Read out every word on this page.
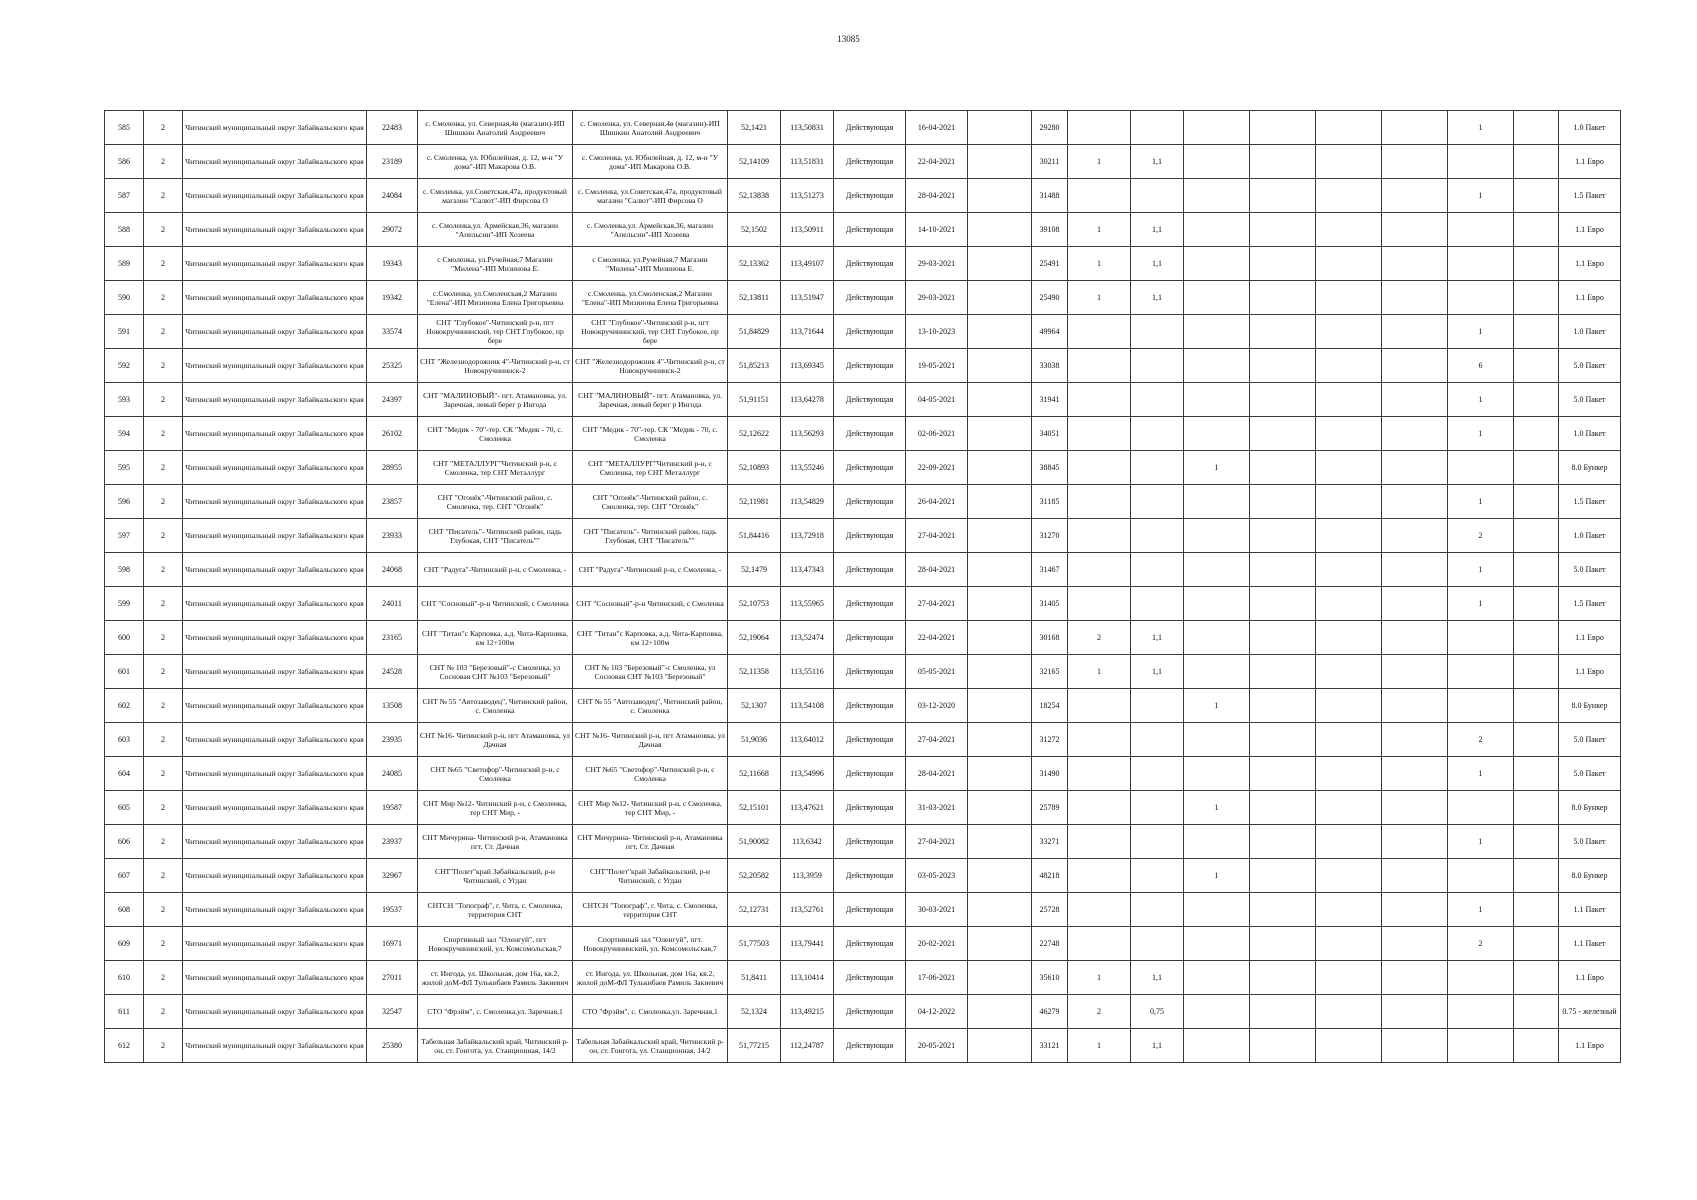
13085
585	2	Читинский муниципальный округ Забайкальского края	22483	с. Смоленка, ул. Северная,4в (магазин)-ИП Шишкин Анатолий Андреевич	с. Смоленка, ул. Северная,4в (магазин)-ИП Шишкин Анатолий Андреевич	52,1421	113,50831	Действующая	16-04-2021		29280							1		1.0 Пакет
586	2	Читинский муниципальный округ Забайкальского края	23189	с. Смоленка, ул. Юбилейная, д. 12, м-н "У дома"-ИП Макарова О.В.	с. Смоленка, ул. Юбилейная, д. 12, м-н "У дома"-ИП Макарова О.В.	52,14109	113,51831	Действующая	22-04-2021		30211	1	1,1							1.1 Евро
587	2	Читинский муниципальный округ Забайкальского края	24084	с. Смоленка, ул.Советская,47а, продуктовый магазин "Салют"-ИП Фирсова О	с. Смоленка, ул.Советская,47а, продуктовый магазин "Салют"-ИП Фирсова О	52,13838	113,51273	Действующая	28-04-2021		31488							1		1.5 Пакет
588	2	Читинский муниципальный округ Забайкальского края	29072	с. Смоленка,ул. Армейская,36, магазин "Апельсин"-ИП Хозеева	с. Смоленка,ул. Армейская,36, магазин "Апельсин"-ИП Хозеева	52,1502	113,50911	Действующая	14-10-2021		39108	1	1,1							1.1 Евро
589	2	Читинский муниципальный округ Забайкальского края	19343	с Смоленка, ул.Ручейная,7 Магазин "Милена"-ИП Мизинова Е.	с Смоленка, ул.Ручейная,7 Магазин "Милена"-ИП Мизинова Е.	52,13362	113,49107	Действующая	29-03-2021		25491	1	1,1							1.1 Евро
590	2	Читинский муниципальный округ Забайкальского края	19342	с.Смоленка, ул.Смоленская,2 Магазин "Елена"-ИП Мизинова Елена Григорьевна	с.Смоленка, ул.Смоленская,2 Магазин "Елена"-ИП Мизинова Елена Григорьевна	52,13811	113,51947	Действующая	29-03-2021		25490	1	1,1							1.1 Евро
591	2	Читинский муниципальный округ Забайкальского края	33574	СНТ "Глубокое"-Читинский р-н, пгт Новокручининский, тер СНТ Глубокое, пр бере	СНТ "Глубокое"-Читинский р-н, пгт Новокручининский, тер СНТ Глубокое, пр бере	51,84829	113,71644	Действующая	13-10-2023		49964							1		1.0 Пакет
592	2	Читинский муниципальный округ Забайкальского края	25325	СНТ "Железнодорожник 4"-Читинский р-н, ст Новокручининск-2	СНТ "Железнодорожник 4"-Читинский р-н, ст Новокручининск-2	51,85213	113,69345	Действующая	19-05-2021		33038							6		5.0 Пакет
593	2	Читинский муниципальный округ Забайкальского края	24397	СНТ "МАЛИНОВЫЙ"- пгт. Атамановка, ул. Заречная, левый берег р Ингода	СНТ "МАЛИНОВЫЙ"- пгт. Атамановка, ул. Заречная, левый берег р Ингода	51,91151	113,64278	Действующая	04-05-2021		31941							1		5.0 Пакет
594	2	Читинский муниципальный округ Забайкальского края	26102	СНТ "Медик - 70"-тер. СК "Медик - 70, с. Смоленка	СНТ "Медик - 70"-тер. СК "Медик - 70, с. Смоленка	52,12622	113,56293	Действующая	02-06-2021		34051							1		1.0 Пакет
595	2	Читинский муниципальный округ Забайкальского края	28955	СНТ "МЕТАЛЛУРГ"Читинский р-н, с Смоленка, тер СНТ Металлург	СНТ "МЕТАЛЛУРГ"Читинский р-н, с Смоленка, тер СНТ Металлург	52,10893	113,55246	Действующая	22-09-2021		38845			1						8.0 Бункер
596	2	Читинский муниципальный округ Забайкальского края	23857	СНТ "Огонёк"-Читинский район, с. Смоленка, тер. СНТ "Огонёк"	СНТ "Огонёк"-Читинский район, с. Смоленка, тер. СНТ "Огонёк"	52,11981	113,54829	Действующая	26-04-2021		31185							1		1.5 Пакет
597	2	Читинский муниципальный округ Забайкальского края	23933	СНТ "Писатель"- Читинский район, падь Глубокая, СНТ "Писатель""	СНТ "Писатель"- Читинский район, падь Глубокая, СНТ "Писатель""	51,84416	113,72918	Действующая	27-04-2021		31270							2		1.0 Пакет
598	2	Читинский муниципальный округ Забайкальского края	24068	СНТ "Радуга"-Читинский р-н, с Смоленка, -	СНТ "Радуга"-Читинский р-н, с Смоленка, -	52,1479	113,47343	Действующая	28-04-2021		31467							1		5.0 Пакет
599	2	Читинский муниципальный округ Забайкальского края	24011	СНТ "Сосновый"-р-н Читинский, с Смоленка	СНТ "Сосновый"-р-н Читинский, с Смоленка	52,10753	113,55965	Действующая	27-04-2021		31405							1		1.5 Пакет
600	2	Читинский муниципальный округ Забайкальского края	23165	СНТ "Титан"с Карповка, а.д. Чита-Карповка, км 12+100м	СНТ "Титан"с Карповка, а.д. Чита-Карповка, км 12+100м	52,19064	113,52474	Действующая	22-04-2021		30168	2	1,1							1.1 Евро
601	2	Читинский муниципальный округ Забайкальского края	24528	СНТ № 103 "Березовый"-с Смоленка, ул Сосновая СНТ №103 "Березовый"	СНТ № 103 "Березовый"-с Смоленка, ул Сосновая СНТ №103 "Березовый"	52,11358	113,55116	Действующая	05-05-2021		32165	1	1,1							1.1 Евро
602	2	Читинский муниципальный округ Забайкальского края	13508	СНТ № 55 "Автозаводец", Читинский район, с. Смоленка	СНТ № 55 "Автозаводец", Читинский район, с. Смоленка	52,1307	113,54108	Действующая	03-12-2020		18254			1						8.0 Бункер
603	2	Читинский муниципальный округ Забайкальского края	23935	СНТ №16- Читинский р-н, пгт Атамановка, ул Дачная	СНТ №16- Читинский р-н, пгт Атамановка, ул Дачная	51,9036	113,64012	Действующая	27-04-2021		31272							2		5.0 Пакет
604	2	Читинский муниципальный округ Забайкальского края	24085	СНТ №65 "Светофор"-Читинский р-н, с Смоленка	СНТ №65 "Светофор"-Читинский р-н, с Смоленка	52,11668	113,54996	Действующая	28-04-2021		31490							1		5.0 Пакет
605	2	Читинский муниципальный округ Забайкальского края	19587	СНТ Мир №12- Читинский р-н, с Смоленка, тер СНТ Мир, -	СНТ Мир №12- Читинский р-н, с Смоленка, тер СНТ Мир, -	52,15101	113,47621	Действующая	31-03-2021		25789			1						8.0 Бункер
606	2	Читинский муниципальный округ Забайкальского края	23937	СНТ Мичурина- Читинский р-н, Атамановка пгт, Ст. Дачная	СНТ Мичурина- Читинский р-н, Атамановка пгт, Ст. Дачная	51,90082	113,6342	Действующая	27-04-2021		33271							1		5.0 Пакет
607	2	Читинский муниципальный округ Забайкальского края	32967	СНТ"Полет"край Забайкальский, р-н Читинский, с Угдан	СНТ"Полет"край Забайкальский, р-н Читинский, с Угдан	52,20582	113,3959	Действующая	03-05-2023		48218			1						8.0 Бункер
608	2	Читинский муниципальный округ Забайкальского края	19537	СНТСН "Топограф", г. Чита, с. Смоленка, территория СНТ	СНТСН "Топограф", г. Чита, с. Смоленка, территория СНТ	52,12731	113,52761	Действующая	30-03-2021		25728							1		1.1 Пакет
609	2	Читинский муниципальный округ Забайкальского края	16971	Спортивный зал "Оленгуй", пгт Новокручининский, ул. Комсомольская,7	Спортивный зал "Оленгуй", пгт. Новокручининский, ул. Комсомольская,7	51,77503	113,79441	Действующая	20-02-2021		22748							2		1.1 Пакет
610	2	Читинский муниципальный округ Забайкальского края	27011	ст. Ингода, ул. Школьная, дом 16а, кв.2, жилой доМ-ФЛ Тулькибаев Рамиль Закиевич	ст. Ингода, ул. Школьная, дом 16а, кв.2, жилой доМ-ФЛ Тулькибаев Рамиль Закиевич	51,8411	113,10414	Действующая	17-06-2021		35610	1	1,1							1.1 Евро
611	2	Читинский муниципальный округ Забайкальского края	32547	СТО "Фрэйм", с. Смоленка,ул. Заречная,1	СТО "Фрэйм", с. Смоленка,ул. Заречная,1	52,1324	113,49215	Действующая	04-12-2022		46279	2	0,75							0.75 - железный
612	2	Читинский муниципальный округ Забайкальского края	25380	Табельная Забайкальский край, Читинский р-он, ст. Гонгота, ул. Станционная, 14/2	Табельная Забайкальский край, Читинский р-он, ст. Гонгота, ул. Станционная, 14/2	51,77215	112,24787	Действующая	20-05-2021		33121	1	1,1							1.1 Евро
